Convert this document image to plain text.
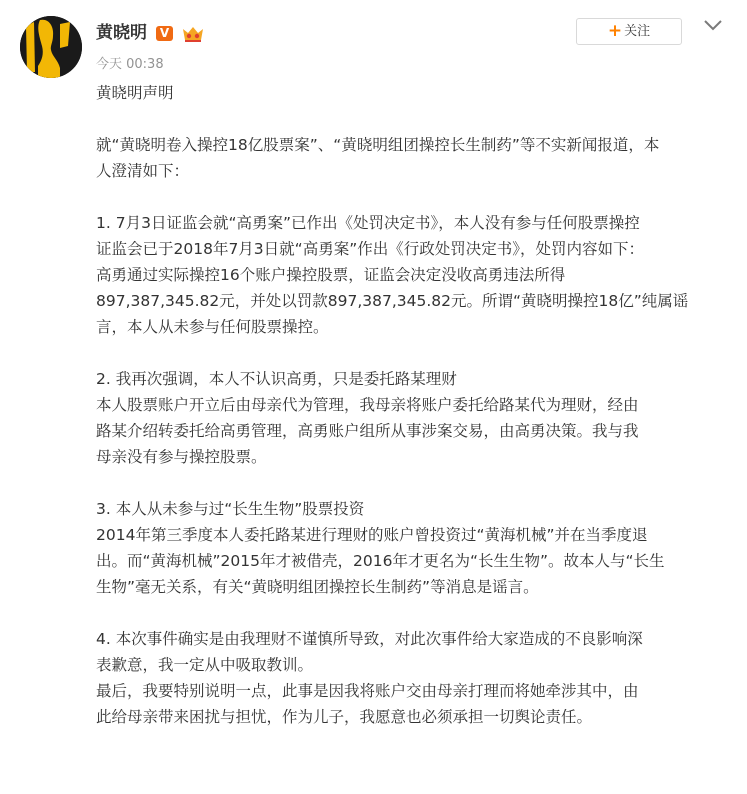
黄晓明	V
今天 00:38
+ 关注

黄晓明声明

就“黄晓明卷入操控18亿股票案”、“黄晓明组团操控长生制药”等不实新闻报道，本

人澄清如下：

1. 7月3日证监会就“高勇案”已作出《处罚决定书》，本人没有参与任何股票操控

证监会已于2018年7月3日就“高勇案”作出《行政处罚决定书》，处罚内容如下：

高勇通过实际操控16个账户操控股票，证监会决定没收高勇违法所得

897,387,345.82元，并处以罚款897,387,345.82元。所谓“黄晓明操控18亿”纯属谣

言，本人从未参与任何股票操控。

2. 我再次强调，本人不认识高勇，只是委托路某理财

本人股票账户开立后由母亲代为管理，我母亲将账户委托给路某代为理财，经由

路某介绍转委托给高勇管理，高勇账户组所从事涉案交易，由高勇决策。我与我

母亲没有参与操控股票。

3. 本人从未参与过“长生生物”股票投资

2014年第三季度本人委托路某进行理财的账户曾投资过“黄海机械”并在当季度退

出。而“黄海机械”2015年才被借壳，2016年才更名为“长生生物”。故本人与“长生

生物”毫无关系，有关“黄晓明组团操控长生制药”等消息是谣言。

4. 本次事件确实是由我理财不谨慎所导致，对此次事件给大家造成的不良影响深

表歉意，我一定从中吸取教训。

最后，我要特别说明一点，此事是因我将账户交由母亲打理而将她牵涉其中，由

此给母亲带来困扰与担忧，作为儿子，我愿意也必须承担一切舆论责任。
